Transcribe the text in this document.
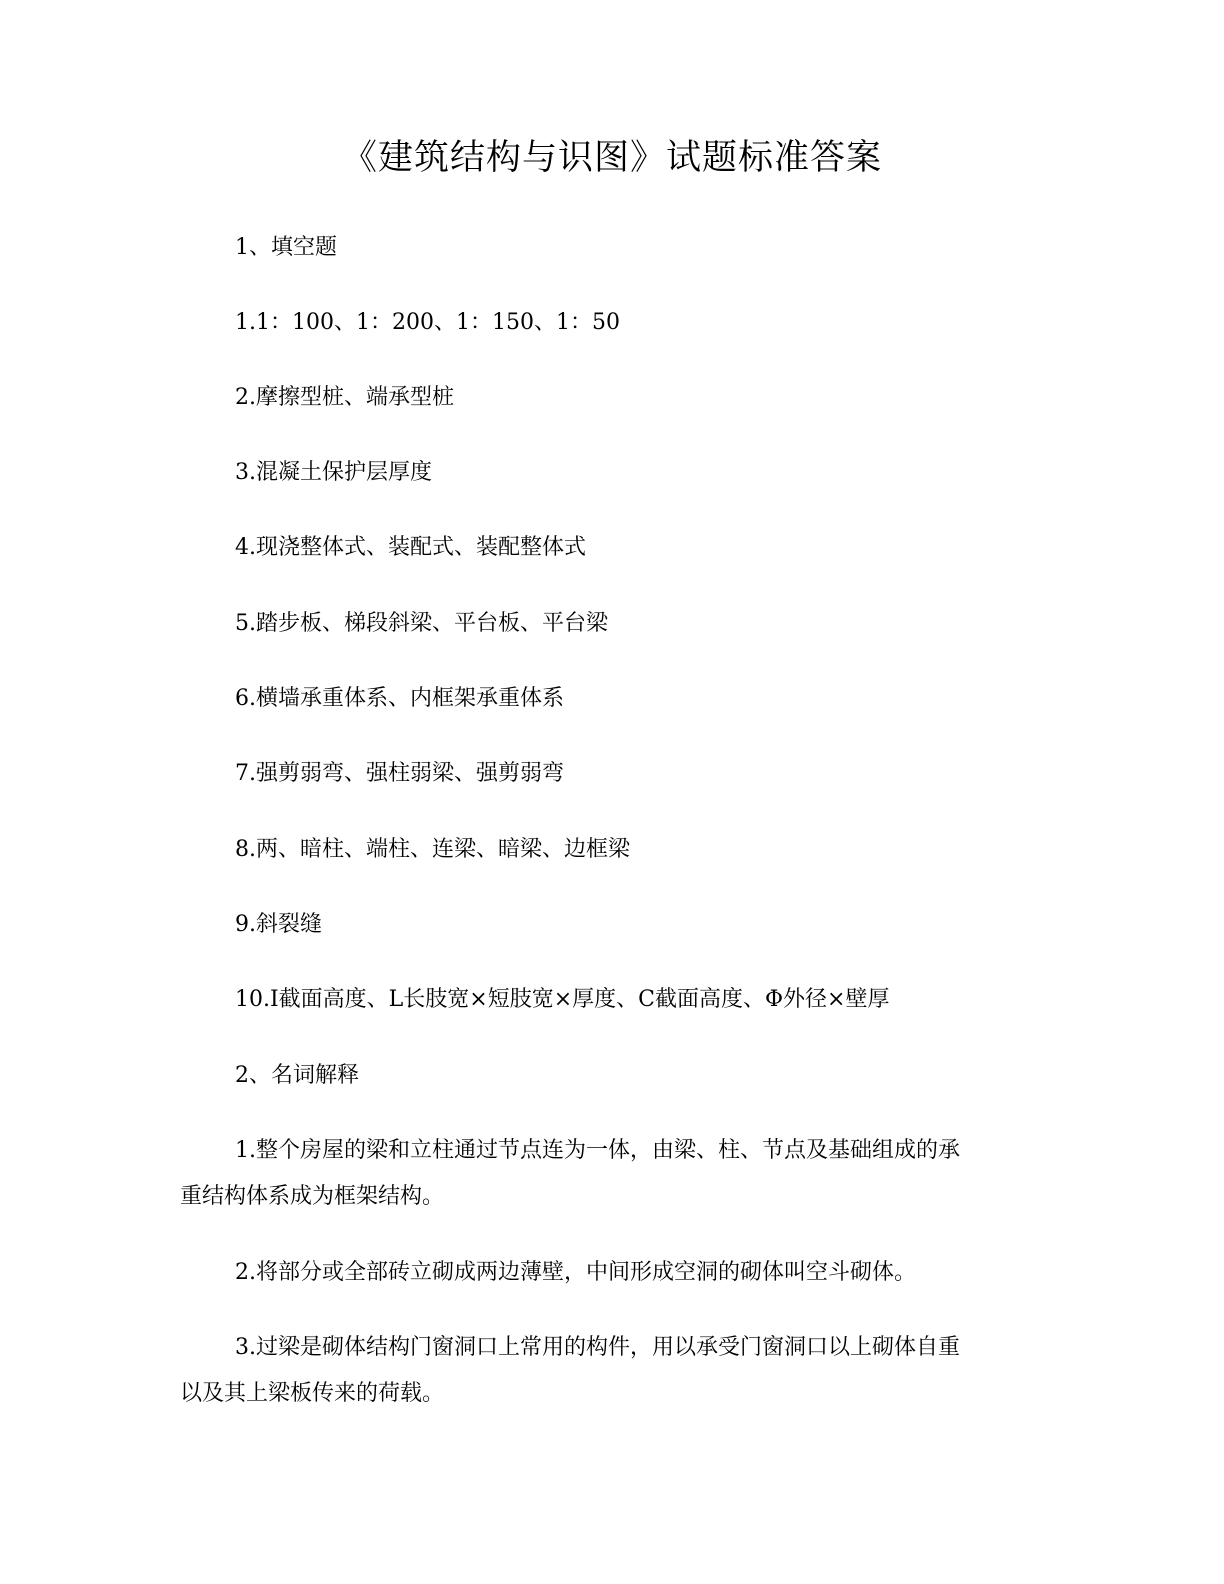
《建筑结构与识图》试题标准答案
1、填空题
1.1：100、1：200、1：150、1：50
2.摩擦型桩、端承型桩
3.混凝土保护层厚度
4.现浇整体式、装配式、装配整体式
5.踏步板、梯段斜梁、平台板、平台梁
6.横墙承重体系、内框架承重体系
7.强剪弱弯、强柱弱梁、强剪弱弯
8.两、暗柱、端柱、连梁、暗梁、边框梁
9.斜裂缝
10.I截面高度、L长肢宽×短肢宽×厚度、C截面高度、Φ外径×壁厚
2、名词解释
1.整个房屋的梁和立柱通过节点连为一体，由梁、柱、节点及基础组成的承
重结构体系成为框架结构。
2.将部分或全部砖立砌成两边薄壁，中间形成空洞的砌体叫空斗砌体。
3.过梁是砌体结构门窗洞口上常用的构件，用以承受门窗洞口以上砌体自重
以及其上梁板传来的荷载。
